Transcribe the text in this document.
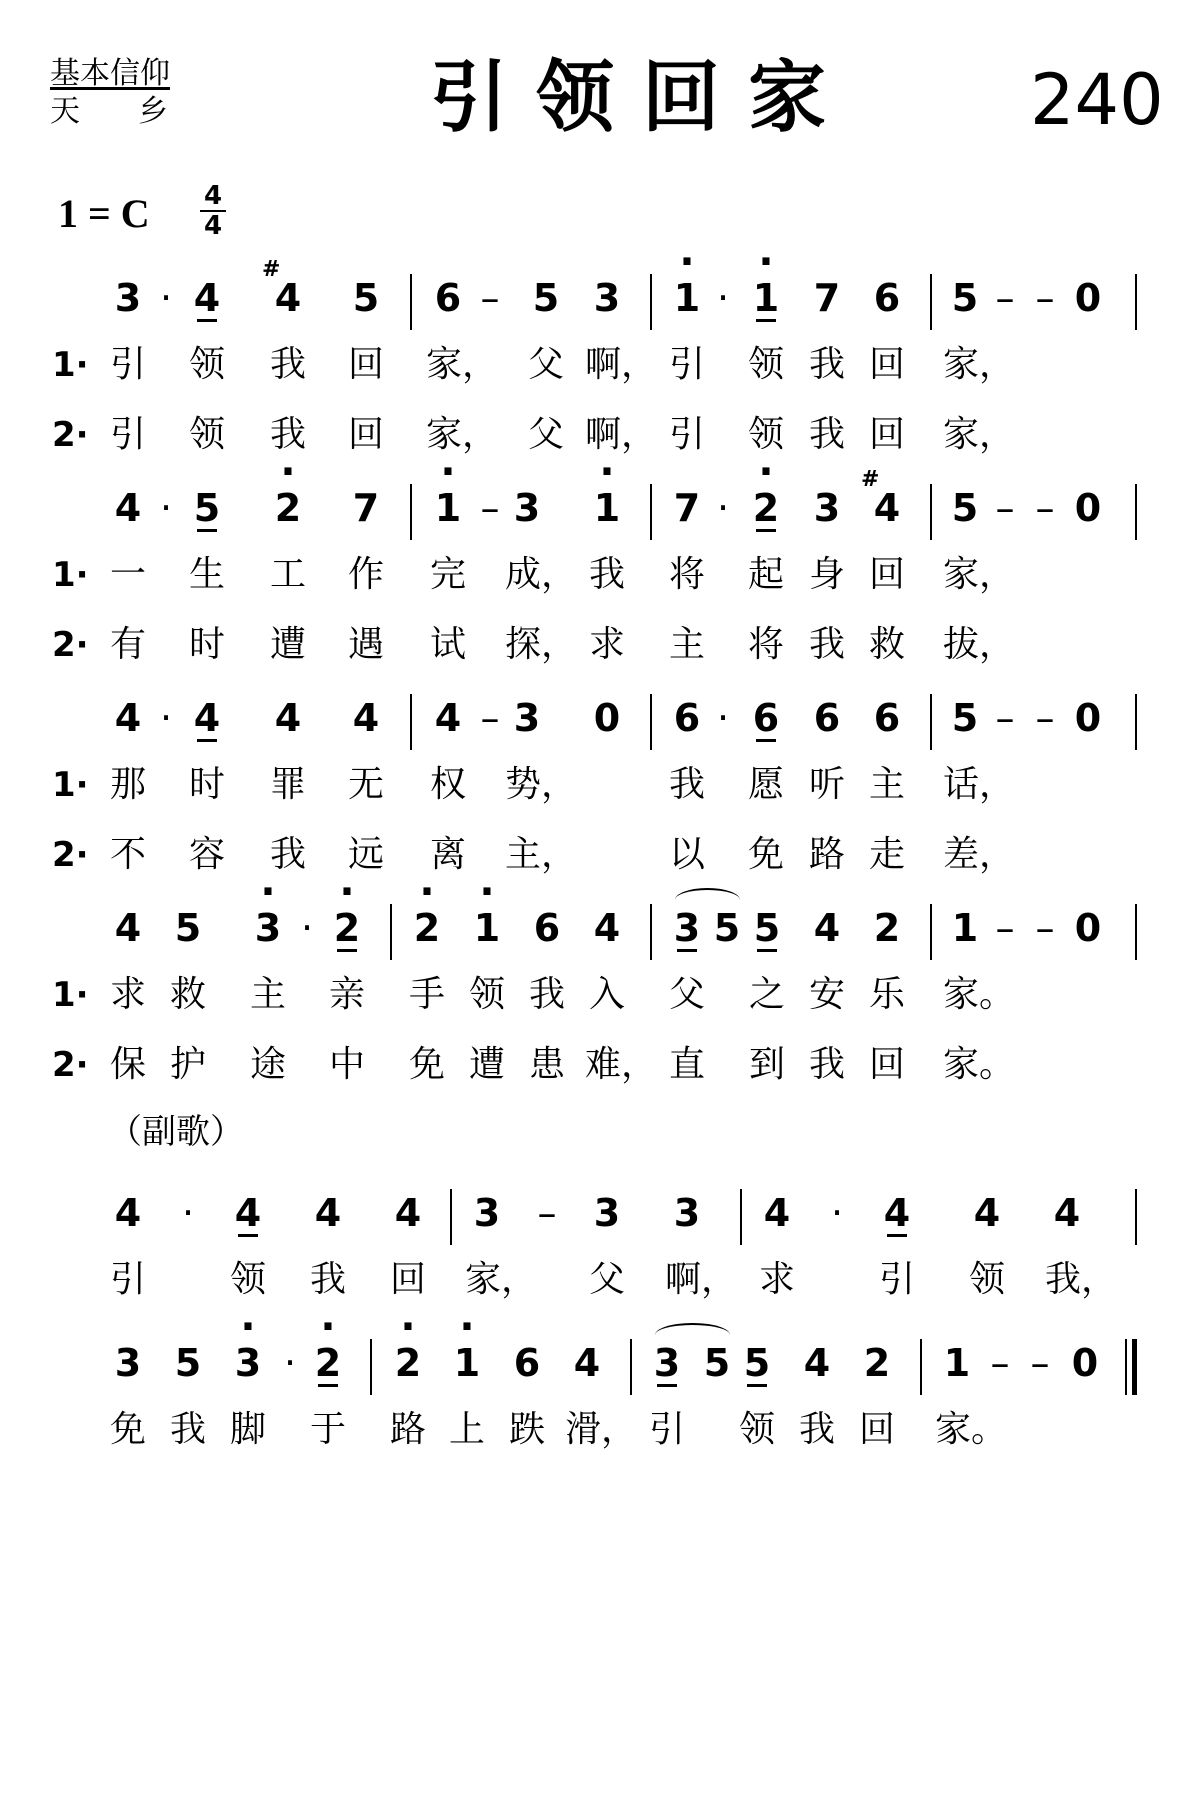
基本信仰
天乡	引领回家	240
1 = C 4
4
（副歌）
3 · 4 # 4 5 6 – 5 3 · 1 · · 1 7 6 5 – – 0
1· 引 领 我 回 家， 父 啊， 引 领 我 回 家，
2· 引 领 我 回 家， 父 啊， 引 领 我 回 家，
4 · 5 · 2 7 · 1 – 3 · 1 7 · · 2 3 # 4 5 – – 0
1· 一 生 工 作 完 成， 我 将 起 身 回 家，
2· 有 时 遭 遇 试 探， 求 主 将 我 救 拔，
4 · 4 4 4 4 – 3 0 6 · 6 6 6 5 – – 0
1· 那 时 罪 无 权 势，	我 愿 听 主 话，
2· 不 容 我 远 离 主，	以 免 路 走 差，
4 5 · 3 · · 2 · 2 · 1 6 4 3 5 5 4 2 1 – – 0
1· 求 救 主 亲 手 领 我 入 父 之 安 乐 家。
2· 保 护 途 中 免 遭 患 难， 直 到 我 回 家。
4	·	4 4 4 3 – 3 3 4	·	4 4 4
引 领 我 回 家， 父 啊， 求 引 领 我，
3 5 · 3 · · 2 · 2 · 1 6 4 3 5 5 4 2 1 – – 0
免 我 脚 于 路 上 跌 滑， 引 领 我 回 家。
